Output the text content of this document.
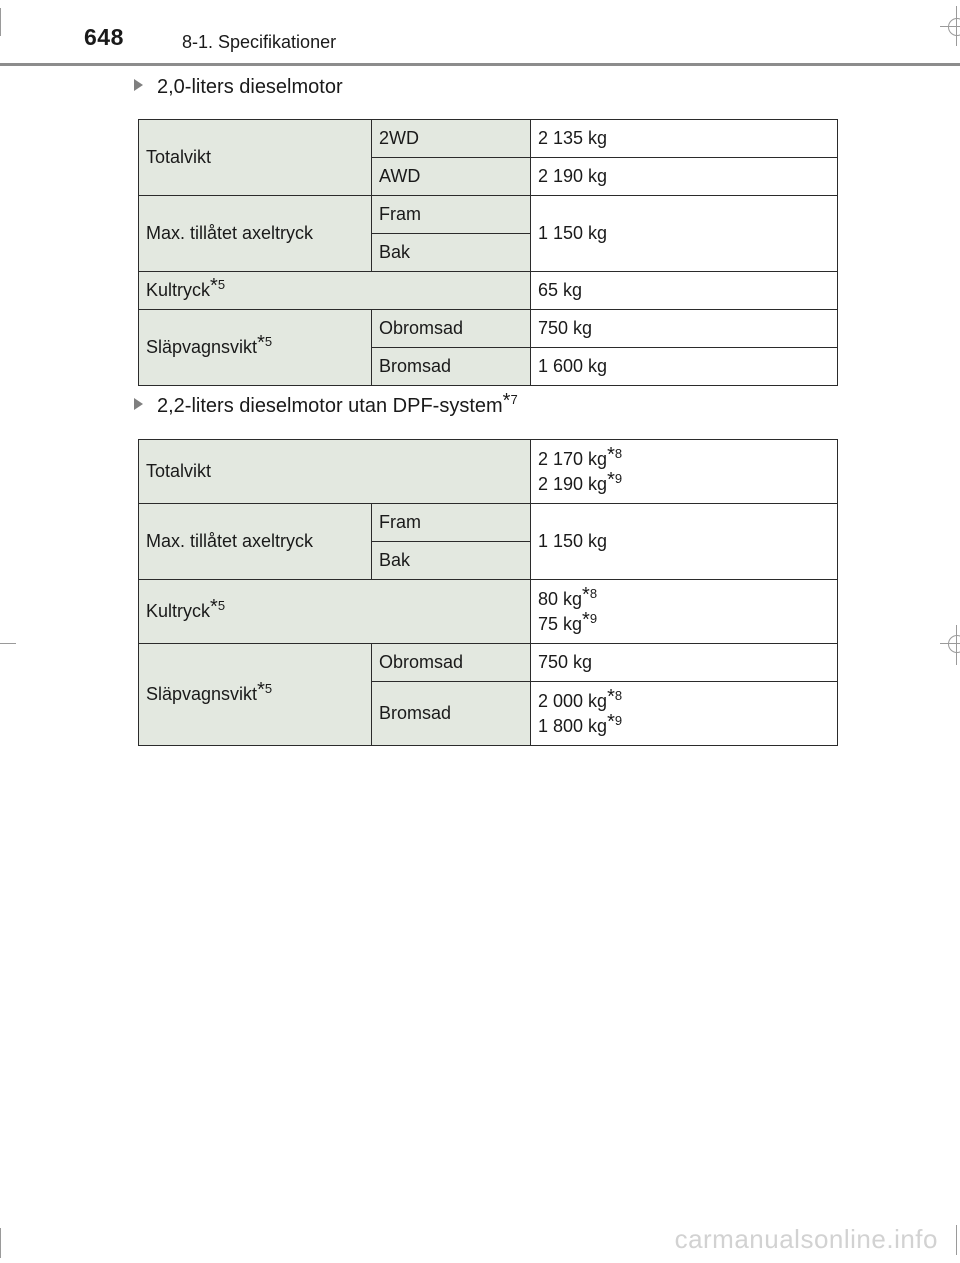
648	8-1. Specifikationer
2,0-liters dieselmotor
Totalvikt	2WD	2 135 kg
	AWD	2 190 kg
Max. tillåtet axeltryck	Fram	1 150 kg
	Bak	
Kultryck$^{*5}$		65 kg
Släpvagnsvikt$^{*5}$	Obromsad	750 kg
	Bromsad	1 600 kg
2,2-liters dieselmotor utan DPF-system$^{*7}$
Totalvikt		2 170 $kg^{*8}$
2 190 $kg^{*9}$

Max. tillåtet axeltryck	Fram	1 150 kg
	Bak	
Kultryck$^{*5}$		80 $kg^{*8}$
75 $kg^{*9}$

Släpvagnsvikt$^{*5}$	Obromsad	750 kg
	Bromsad	2 000 $kg^{*8}$
1 800 $kg^{*9}$
carmanualsonline.info
